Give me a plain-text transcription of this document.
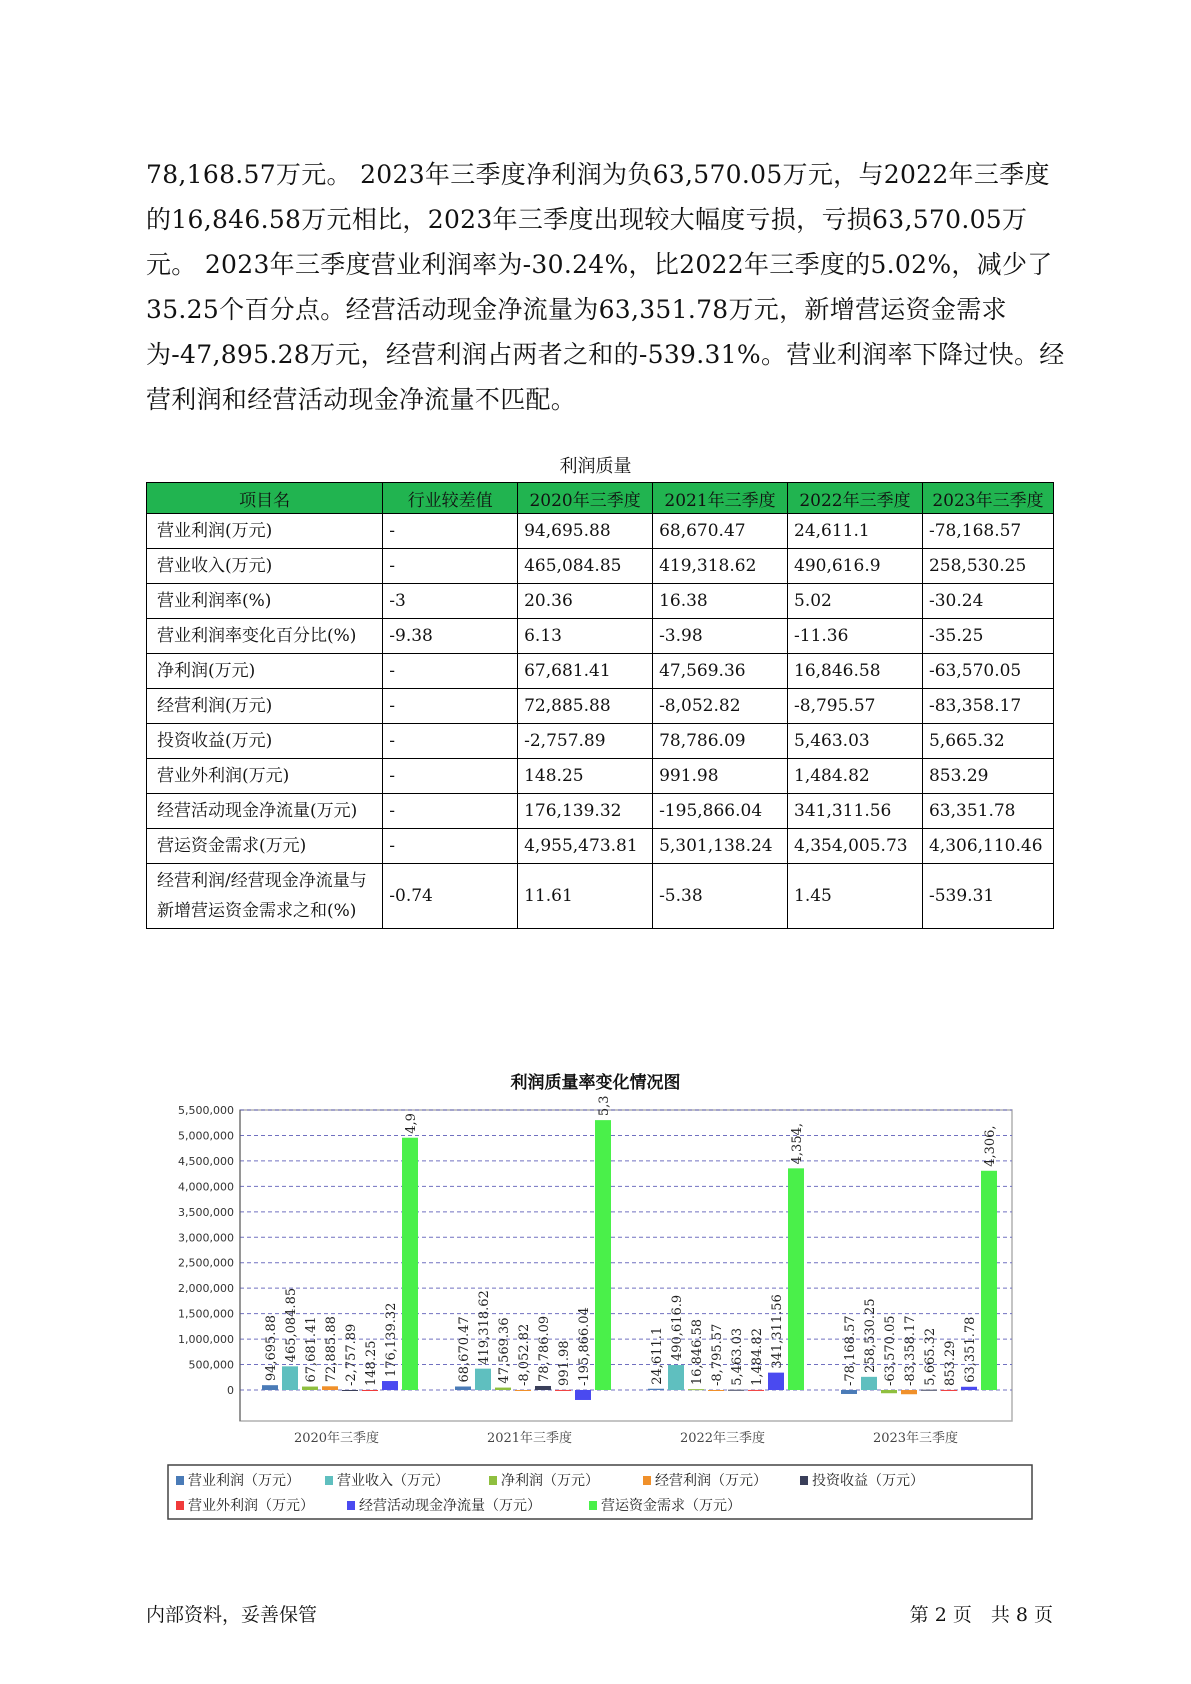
78,168.57万元。 2023年三季度净利润为负63,570.05万元，与2022年三季度的16,846.58万元相比，2023年三季度出现较大幅度亏损，亏损63,570.05万元。 2023年三季度营业利润率为-30.24%，比2022年三季度的5.02%，减少了35.25个百分点。经营活动现金净流量为63,351.78万元，新增营运资金需求为-47,895.28万元，经营利润占两者之和的-539.31%。营业利润率下降过快。经营利润和经营活动现金净流量不匹配。

利润质量
项目名	行业较差值	2020年三季度	2021年三季度	2022年三季度	2023年三季度
营业利润(万元)	-	94,695.88	68,670.47	24,611.1	-78,168.57
营业收入(万元)	-	465,084.85	419,318.62	490,616.9	258,530.25
营业利润率(%)	-3	20.36	16.38	5.02	-30.24
营业利润率变化百分比(%)	-9.38	6.13	-3.98	-11.36	-35.25
净利润(万元)	-	67,681.41	47,569.36	16,846.58	-63,570.05
经营利润(万元)	-	72,885.88	-8,052.82	-8,795.57	-83,358.17
投资收益(万元)	-	-2,757.89	78,786.09	5,463.03	5,665.32
营业外利润(万元)	-	148.25	991.98	1,484.82	853.29
经营活动现金净流量(万元)	-	176,139.32	-195,866.04	341,311.56	63,351.78
营运资金需求(万元)	-	4,955,473.81	5,301,138.24	4,354,005.73	4,306,110.46
经营利润/经营现金净流量与新增营运资金需求之和(%)	-0.74	11.61	-5.38	1.45	-539.31
利润质量率变化情况图
0
500,000
1,000,000
1,500,000
2,000,000
2,500,000
3,000,000
3,500,000
4,000,000
4,500,000
5,000,000
5,500,000
94,695.88 465,084.85 67,681.41 72,885.88 -2,757.89 148.25 176,139.32
4,9
68,670.47 419,318.62 47,569.36 -8,052.82 78,786.09 991.98 -195,866.04
5,3
24,611.1 490,616.9 16,846.58 -8,795.57 5,463.03 1,484.82 341,311.56
4,354,
-78,168.57 258,530.25 -63,570.05 -83,358.17 5,665.32 853.29 63,351.78
4,306,
2020年三季度	2021年三季度	2022年三季度	2023年三季度
营业利润（万元）	营业收入（万元）	净利润（万元）	经营利润（万元）	投资收益（万元）
营业外利润（万元）	经营活动现金净流量（万元）	营运资金需求（万元）
内部资料，妥善保管	第 2 页　共 8 页
